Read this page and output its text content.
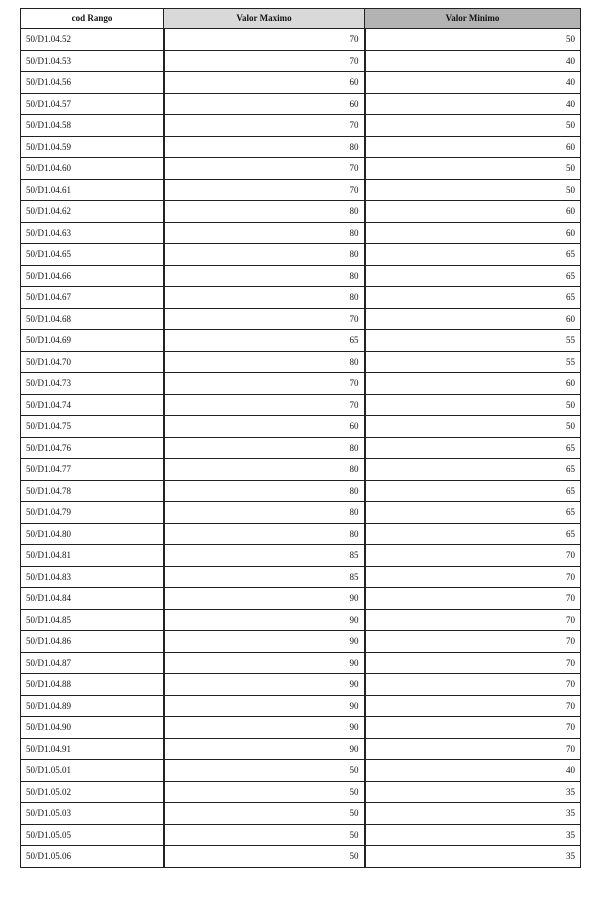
cod Rango	Valor Maximo	Valor Minimo
50/D1.04.52	70	50
50/D1.04.53	70	40
50/D1.04.56	60	40
50/D1.04.57	60	40
50/D1.04.58	70	50
50/D1.04.59	80	60
50/D1.04.60	70	50
50/D1.04.61	70	50
50/D1.04.62	80	60
50/D1.04.63	80	60
50/D1.04.65	80	65
50/D1.04.66	80	65
50/D1.04.67	80	65
50/D1.04.68	70	60
50/D1.04.69	65	55
50/D1.04.70	80	55
50/D1.04.73	70	60
50/D1.04.74	70	50
50/D1.04.75	60	50
50/D1.04.76	80	65
50/D1.04.77	80	65
50/D1.04.78	80	65
50/D1.04.79	80	65
50/D1.04.80	80	65
50/D1.04.81	85	70
50/D1.04.83	85	70
50/D1.04.84	90	70
50/D1.04.85	90	70
50/D1.04.86	90	70
50/D1.04.87	90	70
50/D1.04.88	90	70
50/D1.04.89	90	70
50/D1.04.90	90	70
50/D1.04.91	90	70
50/D1.05.01	50	40
50/D1.05.02	50	35
50/D1.05.03	50	35
50/D1.05.05	50	35
50/D1.05.06	50	35
